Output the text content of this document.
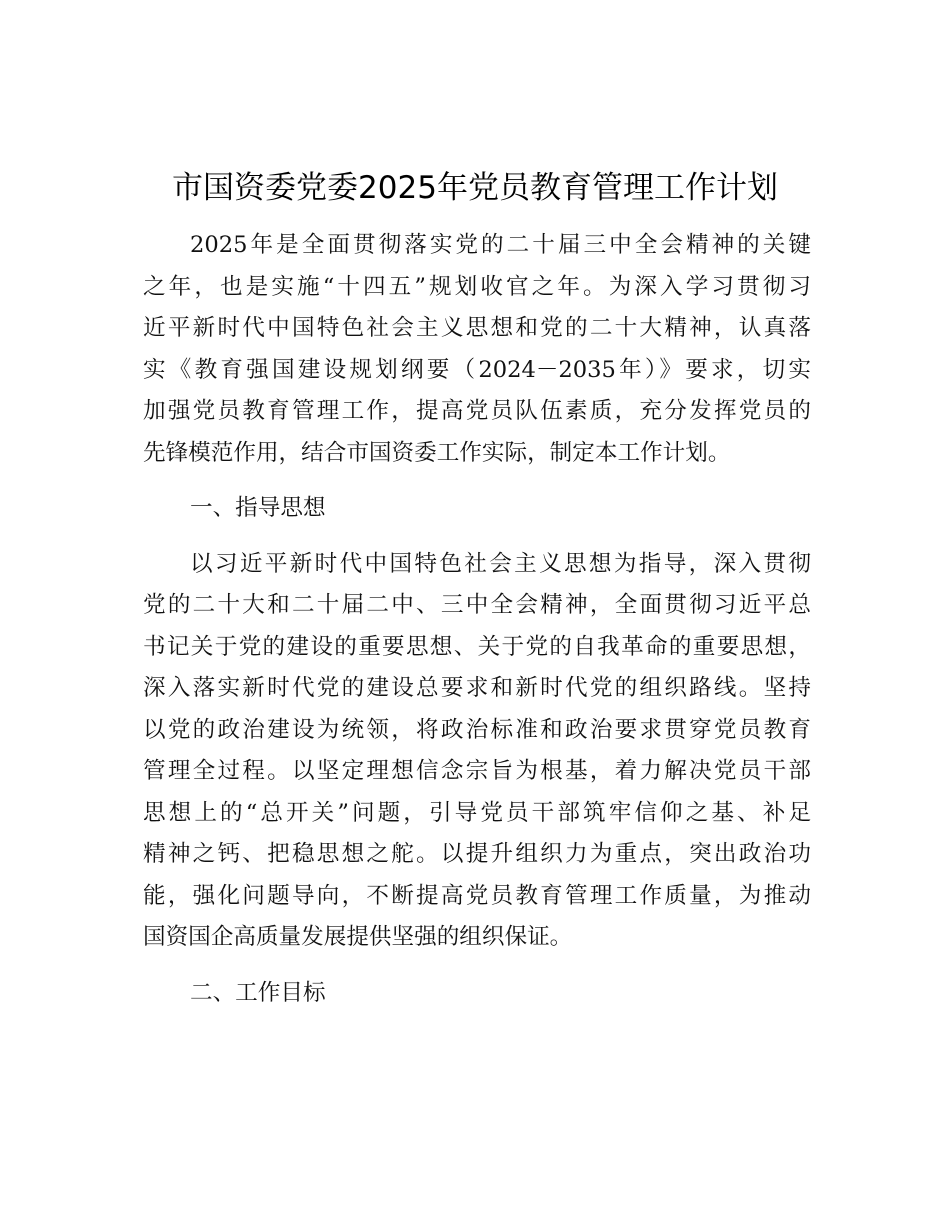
市国资委党委2025年党员教育管理工作计划
2025年是全面贯彻落实党的二十届三中全会精神的关键
之年，也是实施“十四五”规划收官之年。为深入学习贯彻习
近平新时代中国特色社会主义思想和党的二十大精神，认真落
实《教育强国建设规划纲要（2024－2035年）》要求，切实
加强党员教育管理工作，提高党员队伍素质，充分发挥党员的
先锋模范作用，结合市国资委工作实际，制定本工作计划。
一、指导思想
以习近平新时代中国特色社会主义思想为指导，深入贯彻
党的二十大和二十届二中、三中全会精神，全面贯彻习近平总
书记关于党的建设的重要思想、关于党的自我革命的重要思想，
深入落实新时代党的建设总要求和新时代党的组织路线。坚持
以党的政治建设为统领，将政治标准和政治要求贯穿党员教育
管理全过程。以坚定理想信念宗旨为根基，着力解决党员干部
思想上的“总开关”问题，引导党员干部筑牢信仰之基、补足
精神之钙、把稳思想之舵。以提升组织力为重点，突出政治功
能，强化问题导向，不断提高党员教育管理工作质量，为推动
国资国企高质量发展提供坚强的组织保证。
二、工作目标
